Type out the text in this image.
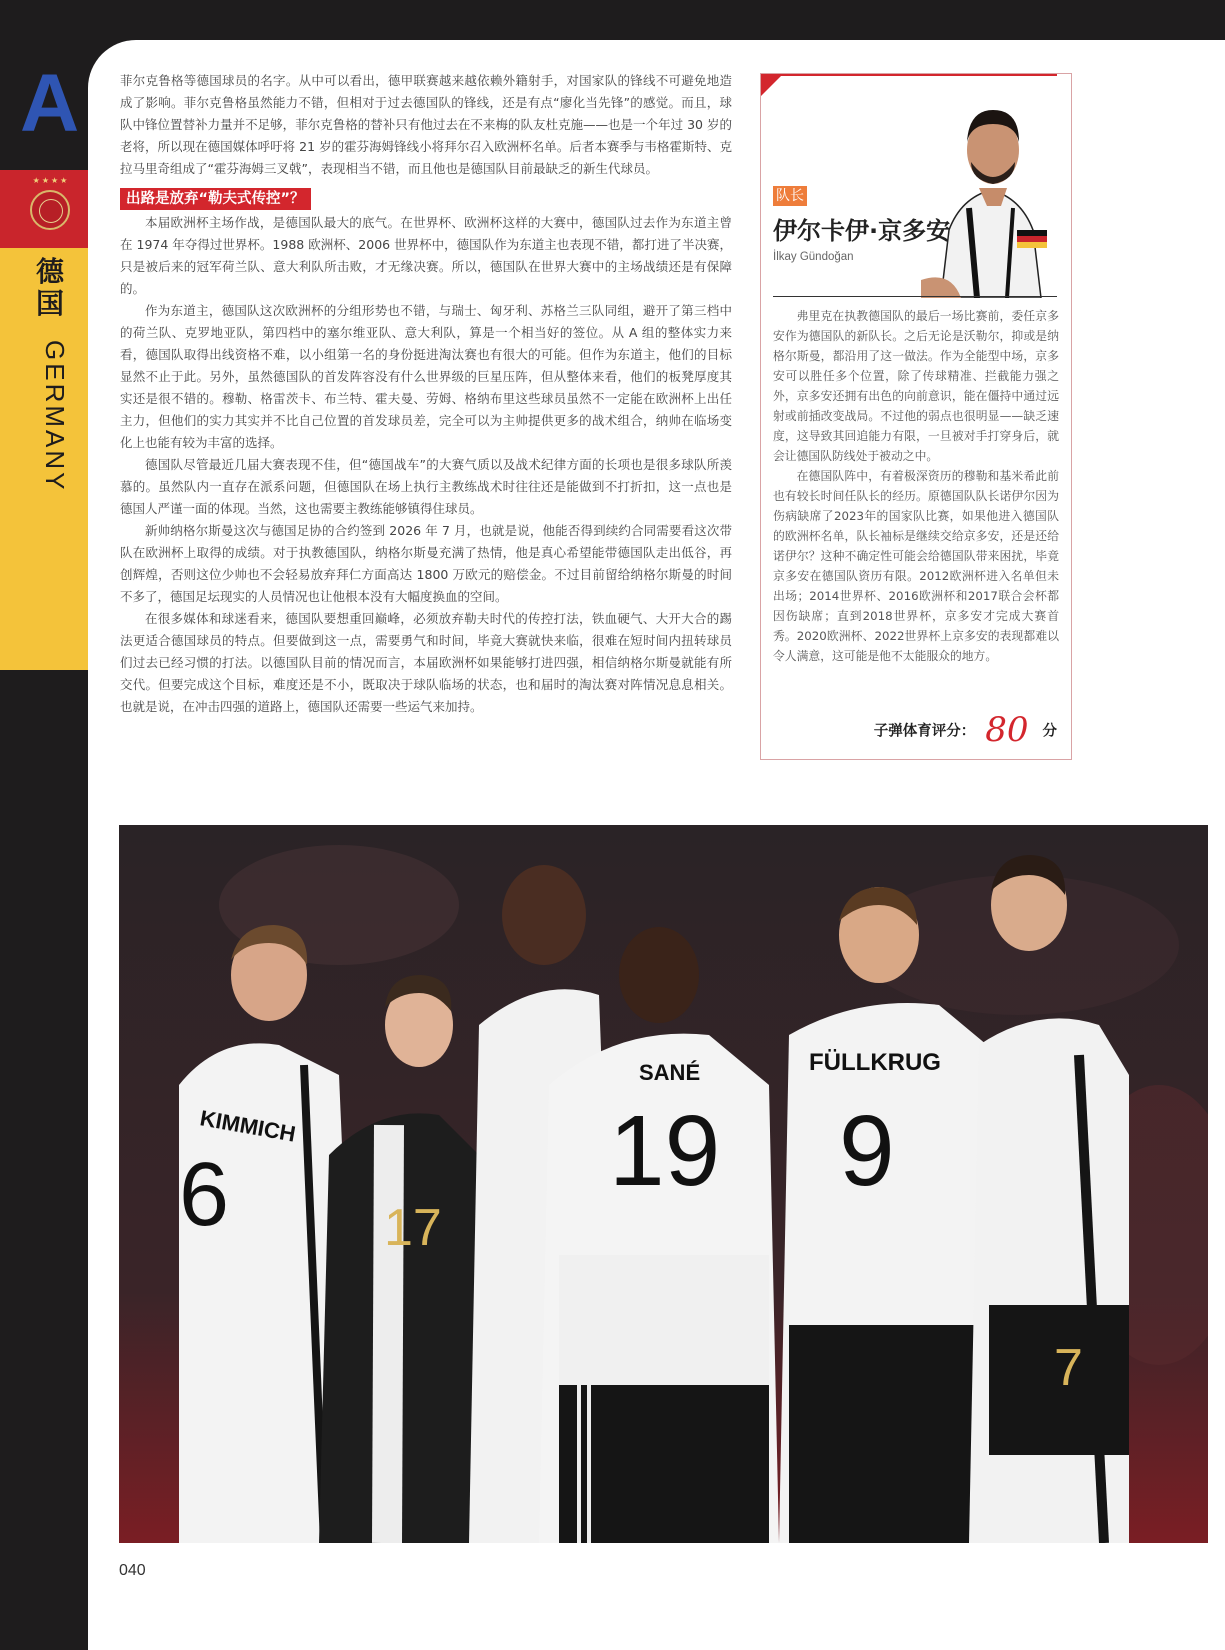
A
★★★★
德国
GERMANY

菲尔克鲁格等德国球员的名字。从中可以看出，德甲联赛越来越依赖外籍射手，对国家队的锋线不可避免地造成了影响。菲尔克鲁格虽然能力不错，但相对于过去德国队的锋线，还是有点“廖化当先锋”的感觉。而且，球队中锋位置替补力量并不足够，菲尔克鲁格的替补只有他过去在不来梅的队友杜克施——也是一个年过 30 岁的老将，所以现在德国媒体呼吁将 21 岁的霍芬海姆锋线小将拜尔召入欧洲杯名单。后者本赛季与韦格霍斯特、克拉马里奇组成了“霍芬海姆三叉戟”，表现相当不错，而且他也是德国队目前最缺乏的新生代球员。

出路是放弃“勒夫式传控”？

本届欧洲杯主场作战，是德国队最大的底气。在世界杯、欧洲杯这样的大赛中，德国队过去作为东道主曾在 1974 年夺得过世界杯。1988 欧洲杯、2006 世界杯中，德国队作为东道主也表现不错，都打进了半决赛，只是被后来的冠军荷兰队、意大利队所击败，才无缘决赛。所以，德国队在世界大赛中的主场战绩还是有保障的。

作为东道主，德国队这次欧洲杯的分组形势也不错，与瑞士、匈牙利、苏格兰三队同组，避开了第三档中的荷兰队、克罗地亚队，第四档中的塞尔维亚队、意大利队，算是一个相当好的签位。从 A 组的整体实力来看，德国队取得出线资格不难，以小组第一名的身份挺进淘汰赛也有很大的可能。但作为东道主，他们的目标显然不止于此。另外，虽然德国队的首发阵容没有什么世界级的巨星压阵，但从整体来看，他们的板凳厚度其实还是很不错的。穆勒、格雷茨卡、布兰特、霍夫曼、劳姆、格纳布里这些球员虽然不一定能在欧洲杯上出任主力，但他们的实力其实并不比自己位置的首发球员差，完全可以为主帅提供更多的战术组合，纳帅在临场变化上也能有较为丰富的选择。

德国队尽管最近几届大赛表现不佳，但“德国战车”的大赛气质以及战术纪律方面的长项也是很多球队所羡慕的。虽然队内一直存在派系问题，但德国队在场上执行主教练战术时往往还是能做到不打折扣，这一点也是德国人严谨一面的体现。当然，这也需要主教练能够镇得住球员。

新帅纳格尔斯曼这次与德国足协的合约签到 2026 年 7 月，也就是说，他能否得到续约合同需要看这次带队在欧洲杯上取得的成绩。对于执教德国队，纳格尔斯曼充满了热情，他是真心希望能带德国队走出低谷，再创辉煌，否则这位少帅也不会轻易放弃拜仁方面高达 1800 万欧元的赔偿金。不过目前留给纳格尔斯曼的时间不多了，德国足坛现实的人员情况也让他根本没有大幅度换血的空间。

在很多媒体和球迷看来，德国队要想重回巅峰，必须放弃勒夫时代的传控打法，铁血硬气、大开大合的踢法更适合德国球员的特点。但要做到这一点，需要勇气和时间，毕竟大赛就快来临，很难在短时间内扭转球员们过去已经习惯的打法。以德国队目前的情况而言，本届欧洲杯如果能够打进四强，相信纳格尔斯曼就能有所交代。但要完成这个目标，难度还是不小，既取决于球队临场的状态，也和届时的淘汰赛对阵情况息息相关。也就是说，在冲击四强的道路上，德国队还需要一些运气来加持。

队长
伊尔卡伊·京多安
İlkay Gündoğan

弗里克在执教德国队的最后一场比赛前，委任京多安作为德国队的新队长。之后无论是沃勒尔，抑或是纳格尔斯曼，都沿用了这一做法。作为全能型中场，京多安可以胜任多个位置，除了传球精准、拦截能力强之外，京多安还拥有出色的向前意识，能在僵持中通过远射或前插改变战局。不过他的弱点也很明显——缺乏速度，这导致其回追能力有限，一旦被对手打穿身后，就会让德国队防线处于被动之中。

在德国队阵中，有着极深资历的穆勒和基米希此前也有较长时间任队长的经历。原德国队队长诺伊尔因为伤病缺席了2023年的国家队比赛，如果他进入德国队的欧洲杯名单，队长袖标是继续交给京多安，还是还给诺伊尔？这种不确定性可能会给德国队带来困扰，毕竟京多安在德国队资历有限。2012欧洲杯进入名单但未出场；2014世界杯、2016欧洲杯和2017联合会杯都因伤缺席；直到2018世界杯，京多安才完成大赛首秀。2020欧洲杯、2022世界杯上京多安的表现都难以令人满意，这可能是他不太能服众的地方。

子弹体育评分： 80 分
KIMMICH
6	17
SANÉ
19
FÜLLKRUG
9
7
040
